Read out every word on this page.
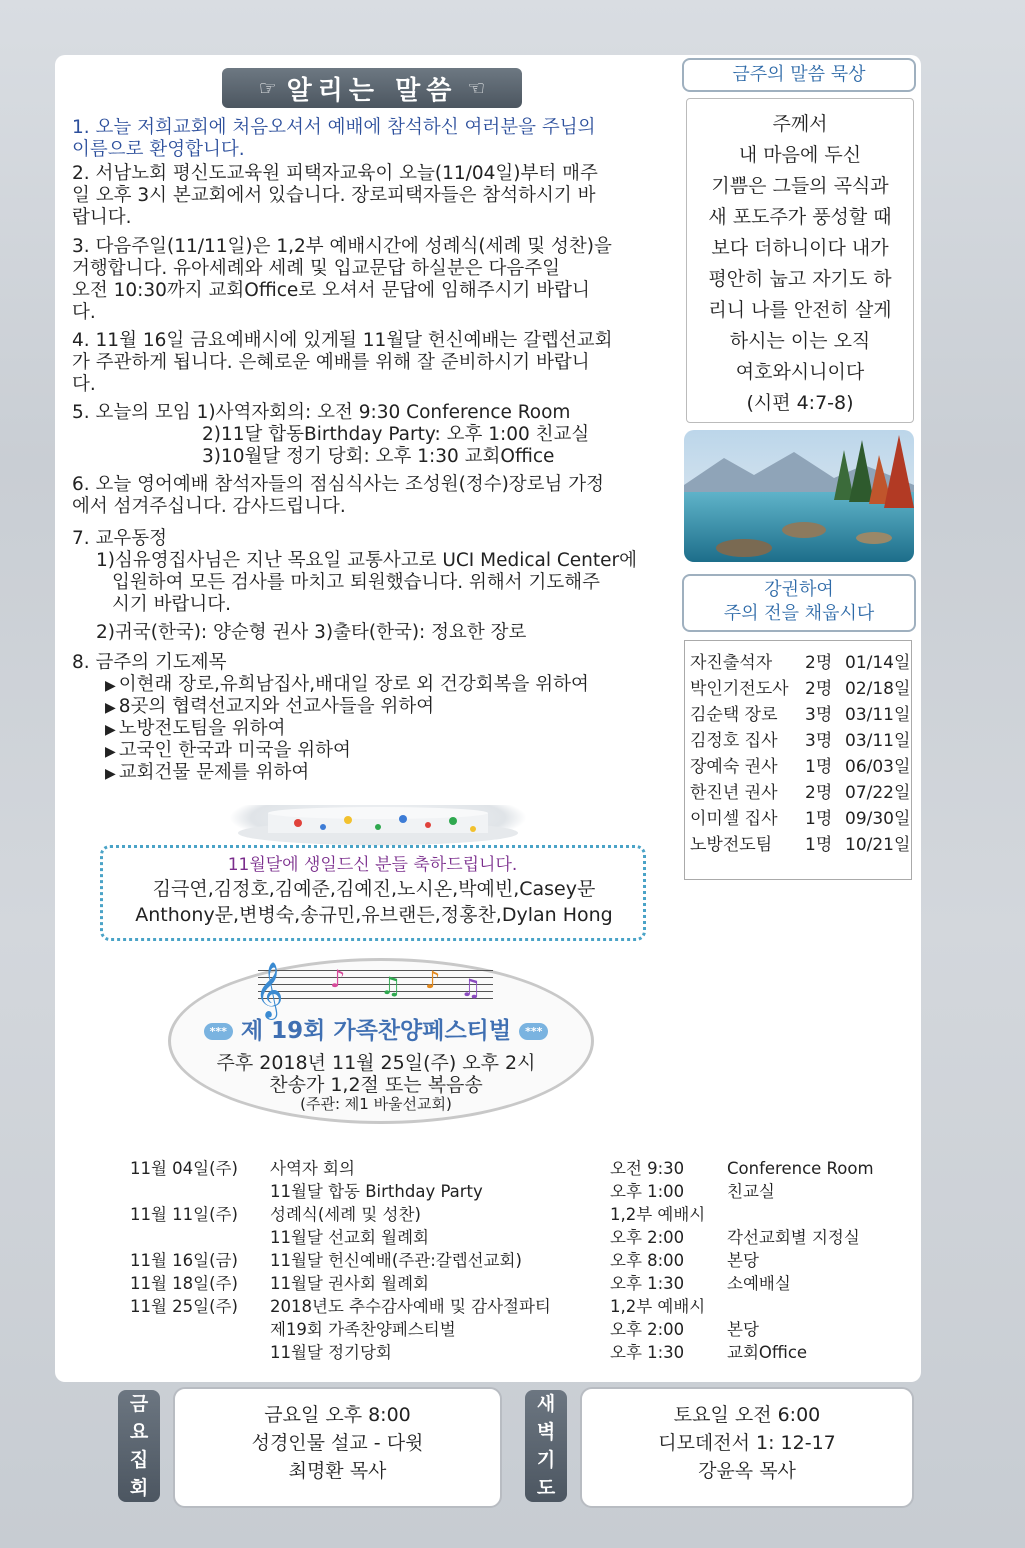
☞ 알리는 말씀 ☜

1. 오늘 저희교회에 처음오셔서 예배에 참석하신 여러분을 주님의
이름으로 환영합니다.

2. 서남노회 평신도교육원 피택자교육이 오늘(11/04일)부터 매주
일 오후 3시 본교회에서 있습니다. 장로피택자들은 참석하시기 바
랍니다.

3. 다음주일(11/11일)은 1,2부 예배시간에 성례식(세례 및 성찬)을
거행합니다. 유아세례와 세례 및 입교문답 하실분은 다음주일
오전 10:30까지 교회Office로 오셔서 문답에 임해주시기 바랍니
다.

4. 11월 16일 금요예배시에 있게될 11월달 헌신예배는 갈렙선교회
가 주관하게 됩니다. 은혜로운 예배를 위해 잘 준비하시기 바랍니
다.

5. 오늘의 모임 1)사역자회의: 오전 9:30 Conference Room
2)11달 합동Birthday Party: 오후 1:00 친교실
3)10월달 정기 당회: 오후 1:30 교회Office

6. 오늘 영어예배 참석자들의 점심식사는 조성원(정수)장로님 가정
에서 섬겨주십니다. 감사드립니다.

7. 교우동정
1)심유영집사님은 지난 목요일 교통사고로 UCI Medical Center에
입원하여 모든 검사를 마치고 퇴원했습니다. 위해서 기도해주
시기 바랍니다.

2)귀국(한국): 양순형 권사 3)출타(한국): 정요한 장로

8. 금주의 기도제목

▶ 이현래 장로,유희남집사,배대일 장로 외 건강회복을 위하여
▶ 8곳의 협력선교지와 선교사들을 위하여
▶ 노방전도팀을 위하여
▶ 고국인 한국과 미국을 위하여
▶ 교회건물 문제를 위하여
11월달에 생일드신 분들 축하드립니다.
김극연,김정호,김예준,김예진,노시온,박예빈,Casey문
Anthony문,변병숙,송규민,유브랜든,정홍찬,Dylan Hong
𝄞 ♪ ♫ ♪ ♫
*** 제 19회 가족찬양페스티벌 ***
주후 2018년 11월 25일(주) 오후 2시
찬송가 1,2절 또는 복음송
(주관: 제1 바울선교회)
11월 04일(주) 사역자 회의	오전 9:30	Conference Room
11월달 합동 Birthday Party	오후 1:00	친교실
11월 11일(주) 성례식(세례 및 성찬)	1,2부 예배시
11월달 선교회 월례회	오후 2:00	각선교회별 지정실
11월 16일(금) 11월달 헌신예배(주관:갈렙선교회)	오후 8:00	본당
11월 18일(주) 11월달 권사회 월례회	오후 1:30	소예배실
11월 25일(주) 2018년도 추수감사예배 및 감사절파티	1,2부 예배시
제19회 가족찬양페스티벌	오후 2:00	본당
11월달 정기당회	오후 1:30	교회Office
금주의 말씀 묵상
주께서
내 마음에 두신
기쁨은 그들의 곡식과
새 포도주가 풍성할 때
보다 더하니이다 내가
평안히 눕고 자기도 하
리니 나를 안전히 살게
하시는 이는 오직
여호와시니이다
(시편 4:7-8)
강권하여
주의 전을 채웁시다
자진출석자 2명 01/14일
박인기전도사 2명 02/18일
김순택 장로 3명 03/11일
김정호 집사 3명 03/11일
장예숙 권사 1명 06/03일
한진년 권사 2명 07/22일
이미셀 집사 1명 09/30일
노방전도팀 1명 10/21일
금
요
집
회
금요일 오후 8:00
성경인물 설교 - 다윗
최명환 목사
새
벽
기
도
토요일 오전 6:00
디모데전서 1: 12-17
강윤옥 목사
